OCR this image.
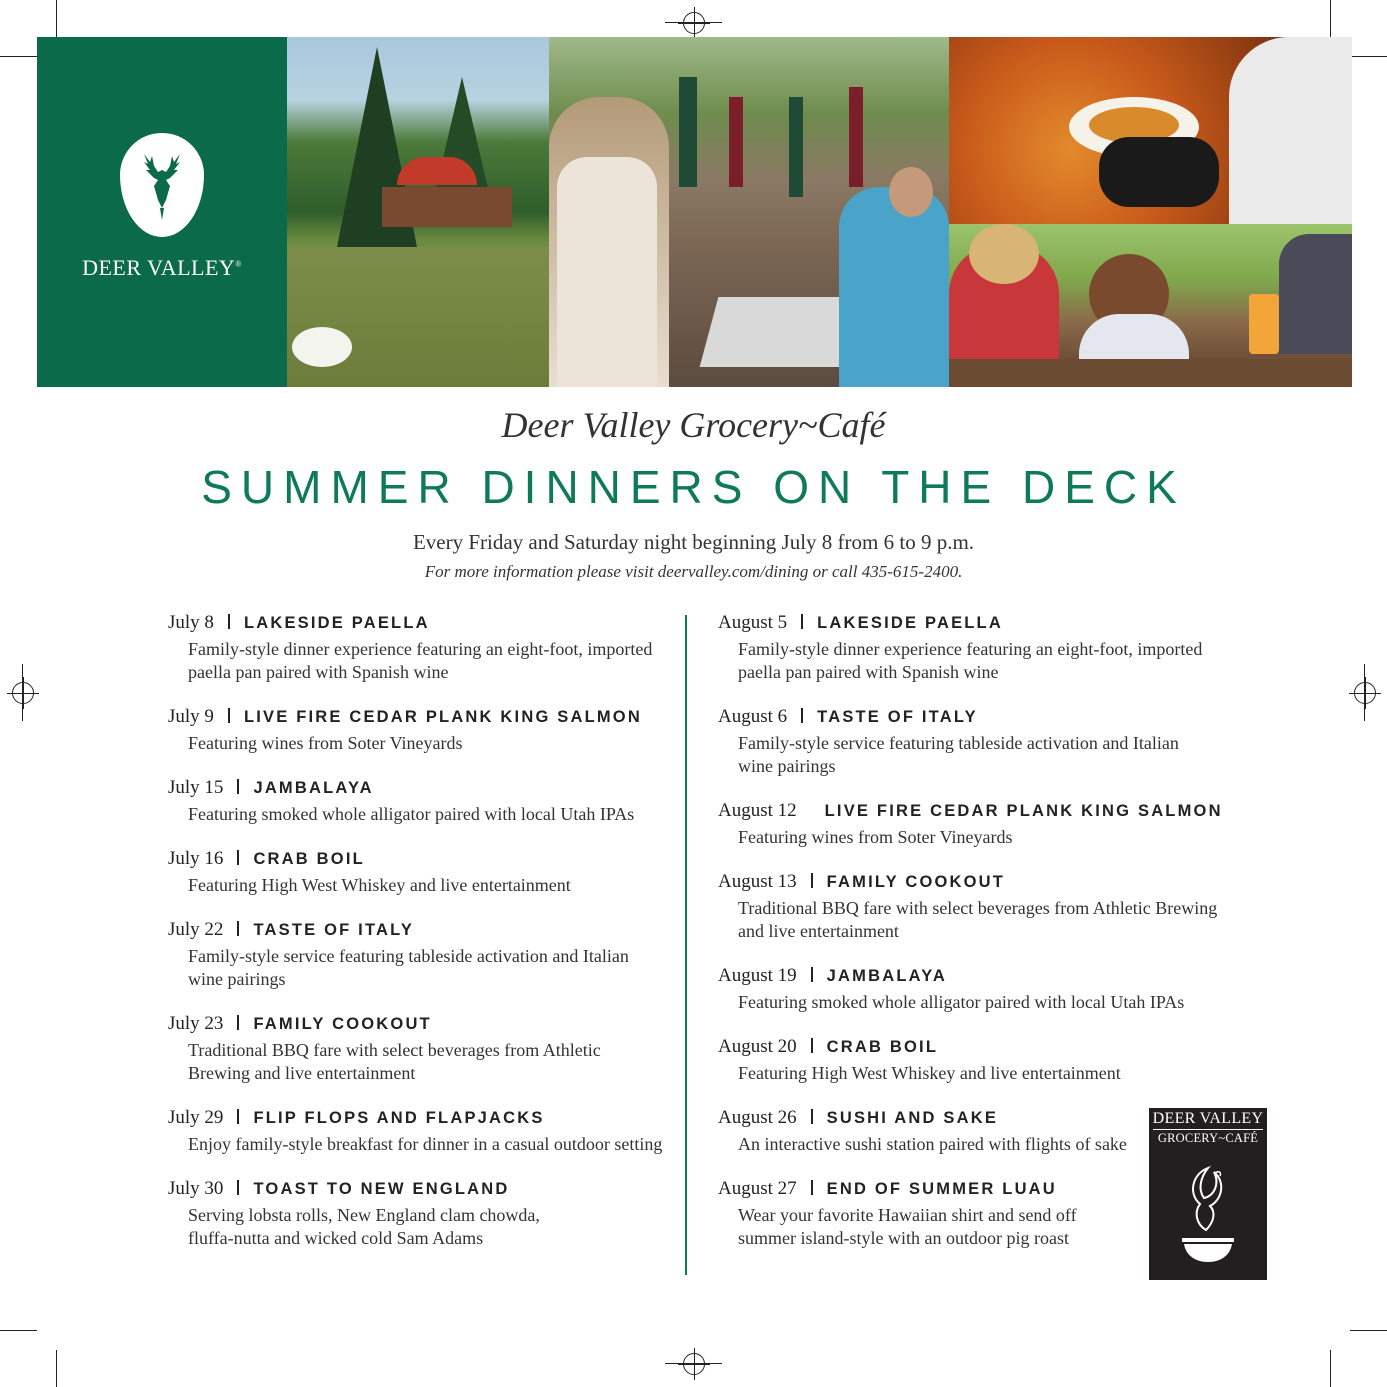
DEER VALLEY®
Deer Valley Grocery~Café
SUMMER DINNERS ON THE DECK
Every Friday and Saturday night beginning July 8 from 6 to 9 p.m.
For more information please visit deervalley.com/dining or call 435-615-2400.
July 8 LAKESIDE PAELLA
Family-style dinner experience featuring an eight-foot, imported
paella pan paired with Spanish wine
July 9 LIVE FIRE CEDAR PLANK KING SALMON
Featuring wines from Soter Vineyards
July 15 JAMBALAYA
Featuring smoked whole alligator paired with local Utah IPAs
July 16 CRAB BOIL
Featuring High West Whiskey and live entertainment
July 22 TASTE OF ITALY
Family-style service featuring tableside activation and Italian
wine pairings
July 23 FAMILY COOKOUT
Traditional BBQ fare with select beverages from Athletic
Brewing and live entertainment
July 29 FLIP FLOPS AND FLAPJACKS
Enjoy family-style breakfast for dinner in a casual outdoor setting
July 30 TOAST TO NEW ENGLAND
Serving lobsta rolls, New England clam chowda,
fluffa-nutta and wicked cold Sam Adams
August 5 LAKESIDE PAELLA
Family-style dinner experience featuring an eight-foot, imported
paella pan paired with Spanish wine
August 6 TASTE OF ITALY
Family-style service featuring tableside activation and Italian
wine pairings
August 12 LIVE FIRE CEDAR PLANK KING SALMON
Featuring wines from Soter Vineyards
August 13 FAMILY COOKOUT
Traditional BBQ fare with select beverages from Athletic Brewing
and live entertainment
August 19 JAMBALAYA
Featuring smoked whole alligator paired with local Utah IPAs
August 20 CRAB BOIL
Featuring High West Whiskey and live entertainment
August 26 SUSHI AND SAKE
An interactive sushi station paired with flights of sake
August 27 END OF SUMMER LUAU
Wear your favorite Hawaiian shirt and send off
summer island-style with an outdoor pig roast
DEER VALLEY
GROCERY~CAFÉ
